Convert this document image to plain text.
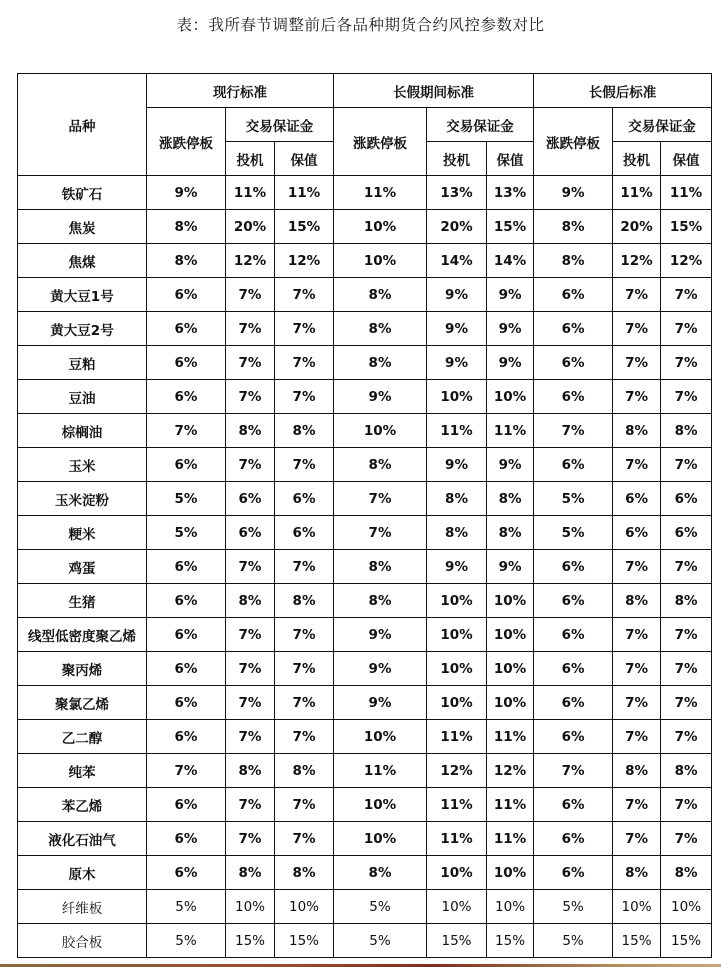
表：我所春节调整前后各品种期货合约风控参数对比
品种	现行标准			长假期间标准			长假后标准		
	涨跌停板	交易保证金		涨跌停板	交易保证金		涨跌停板	交易保证金	
		投机	保值		投机	保值		投机	保值
铁矿石	9%	11%	11%	11%	13%	13%	9%	11%	11%
焦炭	8%	20%	15%	10%	20%	15%	8%	20%	15%
焦煤	8%	12%	12%	10%	14%	14%	8%	12%	12%
黄大豆1号	6%	7%	7%	8%	9%	9%	6%	7%	7%
黄大豆2号	6%	7%	7%	8%	9%	9%	6%	7%	7%
豆粕	6%	7%	7%	8%	9%	9%	6%	7%	7%
豆油	6%	7%	7%	9%	10%	10%	6%	7%	7%
棕榈油	7%	8%	8%	10%	11%	11%	7%	8%	8%
玉米	6%	7%	7%	8%	9%	9%	6%	7%	7%
玉米淀粉	5%	6%	6%	7%	8%	8%	5%	6%	6%
粳米	5%	6%	6%	7%	8%	8%	5%	6%	6%
鸡蛋	6%	7%	7%	8%	9%	9%	6%	7%	7%
生猪	6%	8%	8%	8%	10%	10%	6%	8%	8%
线型低密度聚乙烯	6%	7%	7%	9%	10%	10%	6%	7%	7%
聚丙烯	6%	7%	7%	9%	10%	10%	6%	7%	7%
聚氯乙烯	6%	7%	7%	9%	10%	10%	6%	7%	7%
乙二醇	6%	7%	7%	10%	11%	11%	6%	7%	7%
纯苯	7%	8%	8%	11%	12%	12%	7%	8%	8%
苯乙烯	6%	7%	7%	10%	11%	11%	6%	7%	7%
液化石油气	6%	7%	7%	10%	11%	11%	6%	7%	7%
原木	6%	8%	8%	8%	10%	10%	6%	8%	8%
纤维板	5%	10%	10%	5%	10%	10%	5%	10%	10%
胶合板	5%	15%	15%	5%	15%	15%	5%	15%	15%
